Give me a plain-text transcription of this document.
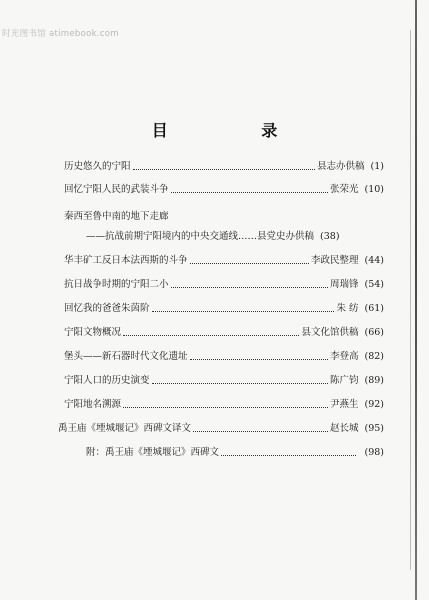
时光图书馆 atimebook.com
目 录
历史悠久的宁阳	县志办供稿 (1)
回忆宁阳人民的武装斗争	张荣光 (10)
秦西至鲁中南的地下走廊
——抗战前期宁阳境内的中央交通线…… 县党史办供稿 (38)
华丰矿工反日本法西斯的斗争	李政民整理 (44)
抗日战争时期的宁阳二小	周瑞锋 (54)
回忆我的爸爸朱茵阶	朱 纺 (61)
宁阳文物概况	县文化馆供稿 (66)
堡头——新石器时代文化遗址	李登高 (82)
宁阳人口的历史演变	陈广钧 (89)
宁阳地名溯源	尹燕生 (92)
禹王庙《堙城堰记》西碑文译文	赵长城 (95)
附：禹王庙《堙城堰记》西碑文	(98)
